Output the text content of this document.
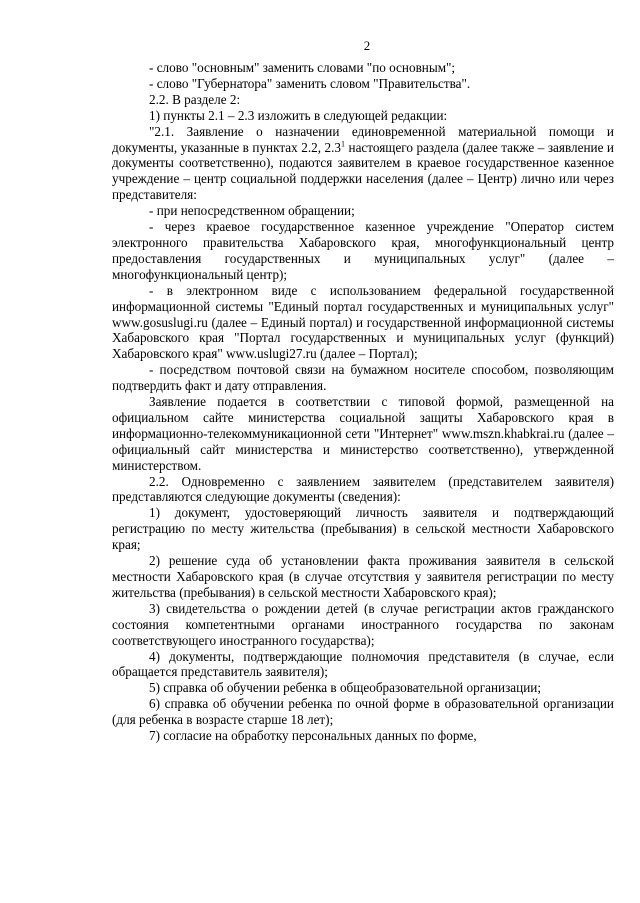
2

- слово "основным" заменить словами "по основным";

- слово "Губернатора" заменить словом "Правительства".

2.2. В разделе 2:

1) пункты 2.1 – 2.3 изложить в следующей редакции:

"2.1. Заявление о назначении единовременной материальной помощи и документы, указанные в пунктах 2.2, $2.3^1$ настоящего раздела (далее также – заявление и документы соответственно), подаются заявителем в краевое государственное казенное учреждение – центр социальной поддержки населения (далее – Центр) лично или через представителя:

- при непосредственном обращении;

- через краевое государственное казенное учреждение "Оператор систем электронного правительства Хабаровского края, многофункциональный центр предоставления государственных и муниципальных услуг" (далее – многофункциональный центр);

- в электронном виде с использованием федеральной государственной информационной системы "Единый портал государственных и муниципальных услуг" www.gosuslugi.ru (далее – Единый портал) и государственной информационной системы Хабаровского края "Портал государственных и муниципальных услуг (функций) Хабаровского края" www.uslugi27.ru (далее – Портал);

- посредством почтовой связи на бумажном носителе способом, позволяющим подтвердить факт и дату отправления.

Заявление подается в соответствии с типовой формой, размещенной на официальном сайте министерства социальной защиты Хабаровского края в информационно-телекоммуникационной сети "Интернет" www.mszn.khabkrai.ru (далее – официальный сайт министерства и министерство соответственно), утвержденной министерством.

2.2. Одновременно с заявлением заявителем (представителем заявителя) представляются следующие документы (сведения):

1) документ, удостоверяющий личность заявителя и подтверждающий регистрацию по месту жительства (пребывания) в сельской местности Хабаровского края;

2) решение суда об установлении факта проживания заявителя в сельской местности Хабаровского края (в случае отсутствия у заявителя регистрации по месту жительства (пребывания) в сельской местности Хабаровского края);

3) свидетельства о рождении детей (в случае регистрации актов гражданского состояния компетентными органами иностранного государства по законам соответствующего иностранного государства);

4) документы, подтверждающие полномочия представителя (в случае, если обращается представитель заявителя);

5) справка об обучении ребенка в общеобразовательной организации;

6) справка об обучении ребенка по очной форме в образовательной организации (для ребенка в возрасте старше 18 лет);

7) согласие на обработку персональных данных по форме,
